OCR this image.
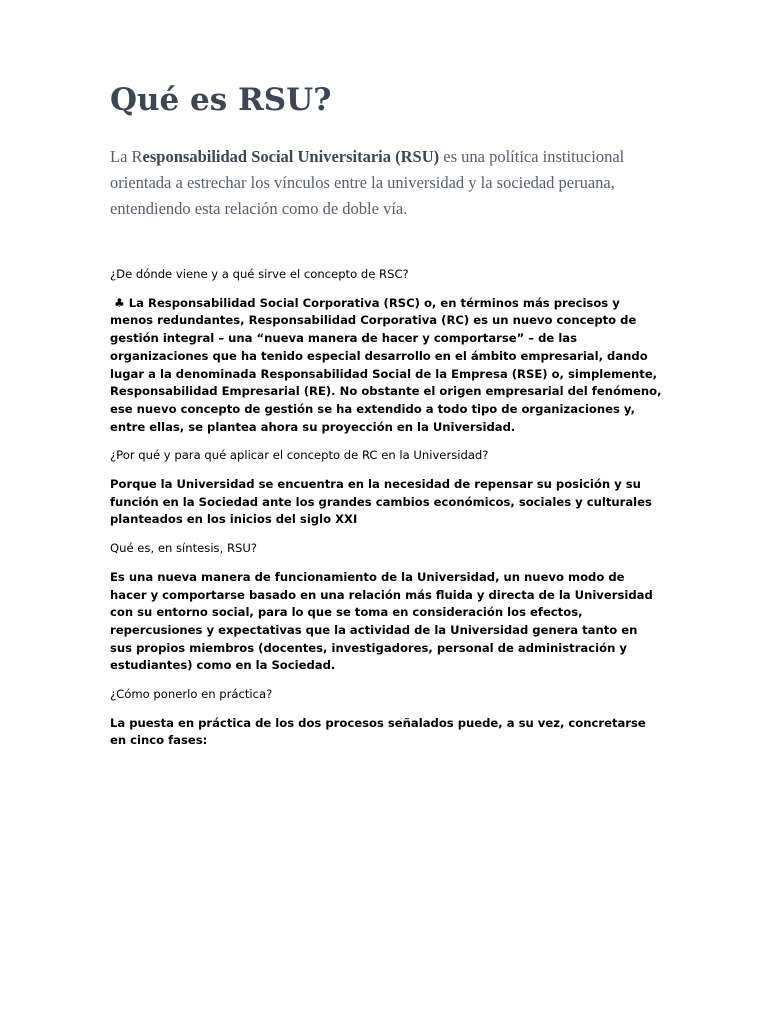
Qué es RSU?

La Responsabilidad Social Universitaria (RSU) es una política institucional orientada a estrechar los vínculos entre la universidad y la sociedad peruana, entendiendo esta relación como de doble vía.

¿De dónde viene y a qué sirve el concepto de RSC?

♣ La Responsabilidad Social Corporativa (RSC) o, en términos más precisos y menos redundantes, Responsabilidad Corporativa (RC) es un nuevo concepto de gestión integral – una “nueva manera de hacer y comportarse” – de las organizaciones que ha tenido especial desarrollo en el ámbito empresarial, dando lugar a la denominada Responsabilidad Social de la Empresa (RSE) o, simplemente, Responsabilidad Empresarial (RE). No obstante el origen empresarial del fenómeno, ese nuevo concepto de gestión se ha extendido a todo tipo de organizaciones y, entre ellas, se plantea ahora su proyección en la Universidad.

¿Por qué y para qué aplicar el concepto de RC en la Universidad?

Porque la Universidad se encuentra en la necesidad de repensar su posición y su función en la Sociedad ante los grandes cambios económicos, sociales y culturales planteados en los inicios del siglo XXI

Qué es, en síntesis, RSU?

Es una nueva manera de funcionamiento de la Universidad, un nuevo modo de hacer y comportarse basado en una relación más fluida y directa de la Universidad con su entorno social, para lo que se toma en consideración los efectos, repercusiones y expectativas que la actividad de la Universidad genera tanto en sus propios miembros (docentes, investigadores, personal de administración y estudiantes) como en la Sociedad.

¿Cómo ponerlo en práctica?

La puesta en práctica de los dos procesos señalados puede, a su vez, concretarse en cinco fases:
